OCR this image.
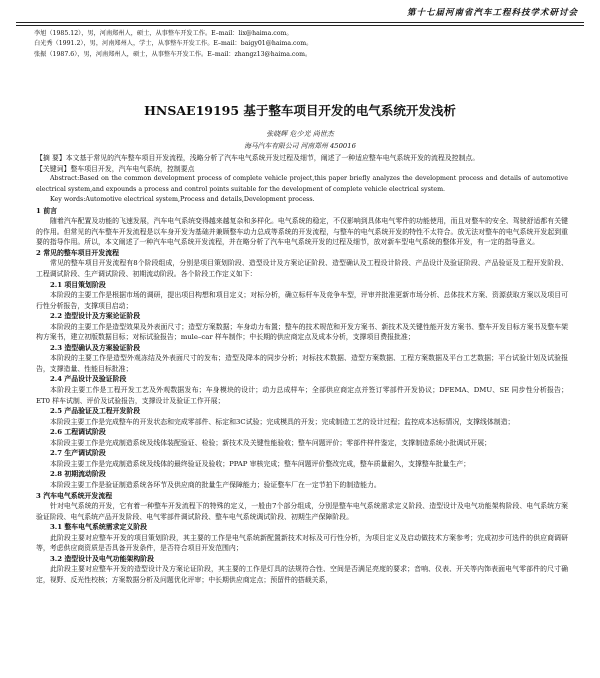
第十七届河南省汽车工程科技学术研讨会
李旭（1985.12），男，河南郑州人，硕士，从事整车开发工作。E–mail：lix@haima.com。
白光秀（1991.2），男，河南郑州人，学士，从事整车开发工作。E–mail：baigy01@haima.com。
张振（1987.6），男，河南郑州人，硕士，从事整车开发工作。E–mail：zhangz13@haima.com。
HNSAE19195 基于整车项目开发的电气系统开发浅析
张晓辉 危少光 尚世杰
海马汽车有限公司 河南郑州 450016

【摘 要】本文基于常见的汽车整车项目开发流程，浅略分析了汽车电气系统开发过程及细节，阐述了一种适应整车电气系统开发的流程及控制点。

【关键词】整车项目开发，汽车电气系统，控制要点

Abstract:Based on the common development process of complete vehicle project,this paper briefly analyzes the development process and details of automotive electrical system,and expounds a process and control points suitable for the development of complete vehicle electrical system.

Key words:Automotive electrical system,Process and details,Development process.

1 前言

随着汽车配置及功能的飞速发展，汽车电气系统变得越来越复杂和多样化。电气系统的稳定，不仅影响到具体电气零件的功能使用，而且对整车的安全、驾驶舒适都有关键的作用。但常见的汽车整车开发流程是以车身开发为基础并兼顾整车动力总成等系统的开发流程，与整车的电气系统开发的特性不太符合。放无法对整车的电气系统开发起到重要的指导作用。所以，本文阐述了一种汽车电气系统开发流程，并在略分析了汽车电气系统开发的过程及细节，放对新车型电气系统的整体开发，有一定的指导意义。

2 常见的整车项目开发流程

常见的整车项目开发流程有8个阶段组成，分别是项目策划阶段、造型设计及方案论证阶段、造型确认及工程设计阶段、产品设计及验证阶段、产品验证及工程开发阶段、工程调试阶段、生产调试阶段、初期流动阶段。各个阶段工作定义如下：

2.1 项目策划阶段

本阶段的主要工作是根据市场的调研，提出项目构想和项目定义；对标分析，确立标杆车及竞争车型，评审并批准更新市场分析、总体技术方案、资源获取方案以及项目可行性分析报告，支撑项目启动；

2.2 造型设计及方案论证阶段

本阶段的主要工作是造型效果及外表面尺寸；造型方案数据；车身动力布置；整车的技术规范和开发方案书、新技术及关键性能开发方案书、整车开发目标方案书及整车架构方案书，建立初版数据目标；对标试验报告；mule–car 样车制作；中长期的供应商定点及成本分析，支撑项目费报批准；

2.3 造型确认及方案验证阶段

本阶段的主要工作是造型外观冻结及外表面尺寸的发布；造型及降本的同步分析；对标技术数据、造型方案数据、工程方案数据及平台工艺数据；平台试验计划及试验报告，支撑造量、性能目标批准；

2.4 产品设计及验证阶段

本阶段主要工作是工程开发工艺及外观数据发布；车身模块的设计；动力总成样车；全部供应商定点并签订零部件开发协议；DFEMA、DMU、SE 同步性分析报告；ET0 样车试制、评价及试验报告，支撑设计及验证工作开展；

2.5 产品验证及工程开发阶段

本阶段主要工作是完成整车的开发状态和完成零部件、标定和3C试验；完成模具的开发；完成制造工艺的设计过程；监控成本达标情况，支撑线体制造；

2.6 工程调试阶段

本阶段主要工作是完成制造系统及线体装配验证、检验；新技术及关键性能验收；整车问题评价；零部件样件鉴定，支撑制造系统小批调试开展；

2.7 生产调试阶段

本阶段主要工作是完成制造系统及线体的最终验证及验收；PPAP 审核完成；整车问题评价整改完成，整车质量耐久，支撑整车批量生产；

2.8 初期流动阶段

本阶段主要工作是验证制造系统各环节及供应商的批量生产保障能力；验证整车厂在一定节拍下的制造能力。

3 汽车电气系统开发流程

针对电气系统的开发，它有着一种整车开发流程下的特殊的定义，一般由7个部分组成，分别是整车电气系统需求定义阶段、造型设计及电气功能架构阶段、电气系统方案验证阶段、电气系统产品开发阶段、电气零部件调试阶段、整车电气系统调试阶段、初期生产保障阶段。

3.1 整车电气系统需求定义阶段

此阶段主要对应整车开发的项目策划阶段，其主要的工作是电气系统新配置新技术对标及可行性分析，为项目定义及启动做技术方案参考；完成初步可选件的供应商调研等，考虑供应商资质是否具备开发条件，是否符合项目开发范围内；

3.2 造型设计及电气功能架构阶段

此阶段主要对应整车开发的造型设计及方案论证阶段，其主要的工作是灯具的法规符合性、空间是否满足亮度的要求；音响、仪表、开关等内饰表面电气零部件的尺寸确定，视野、反光性校核；方案数据分析及问题优化评审；中长期供应商定点；预留件的搭载关系，
